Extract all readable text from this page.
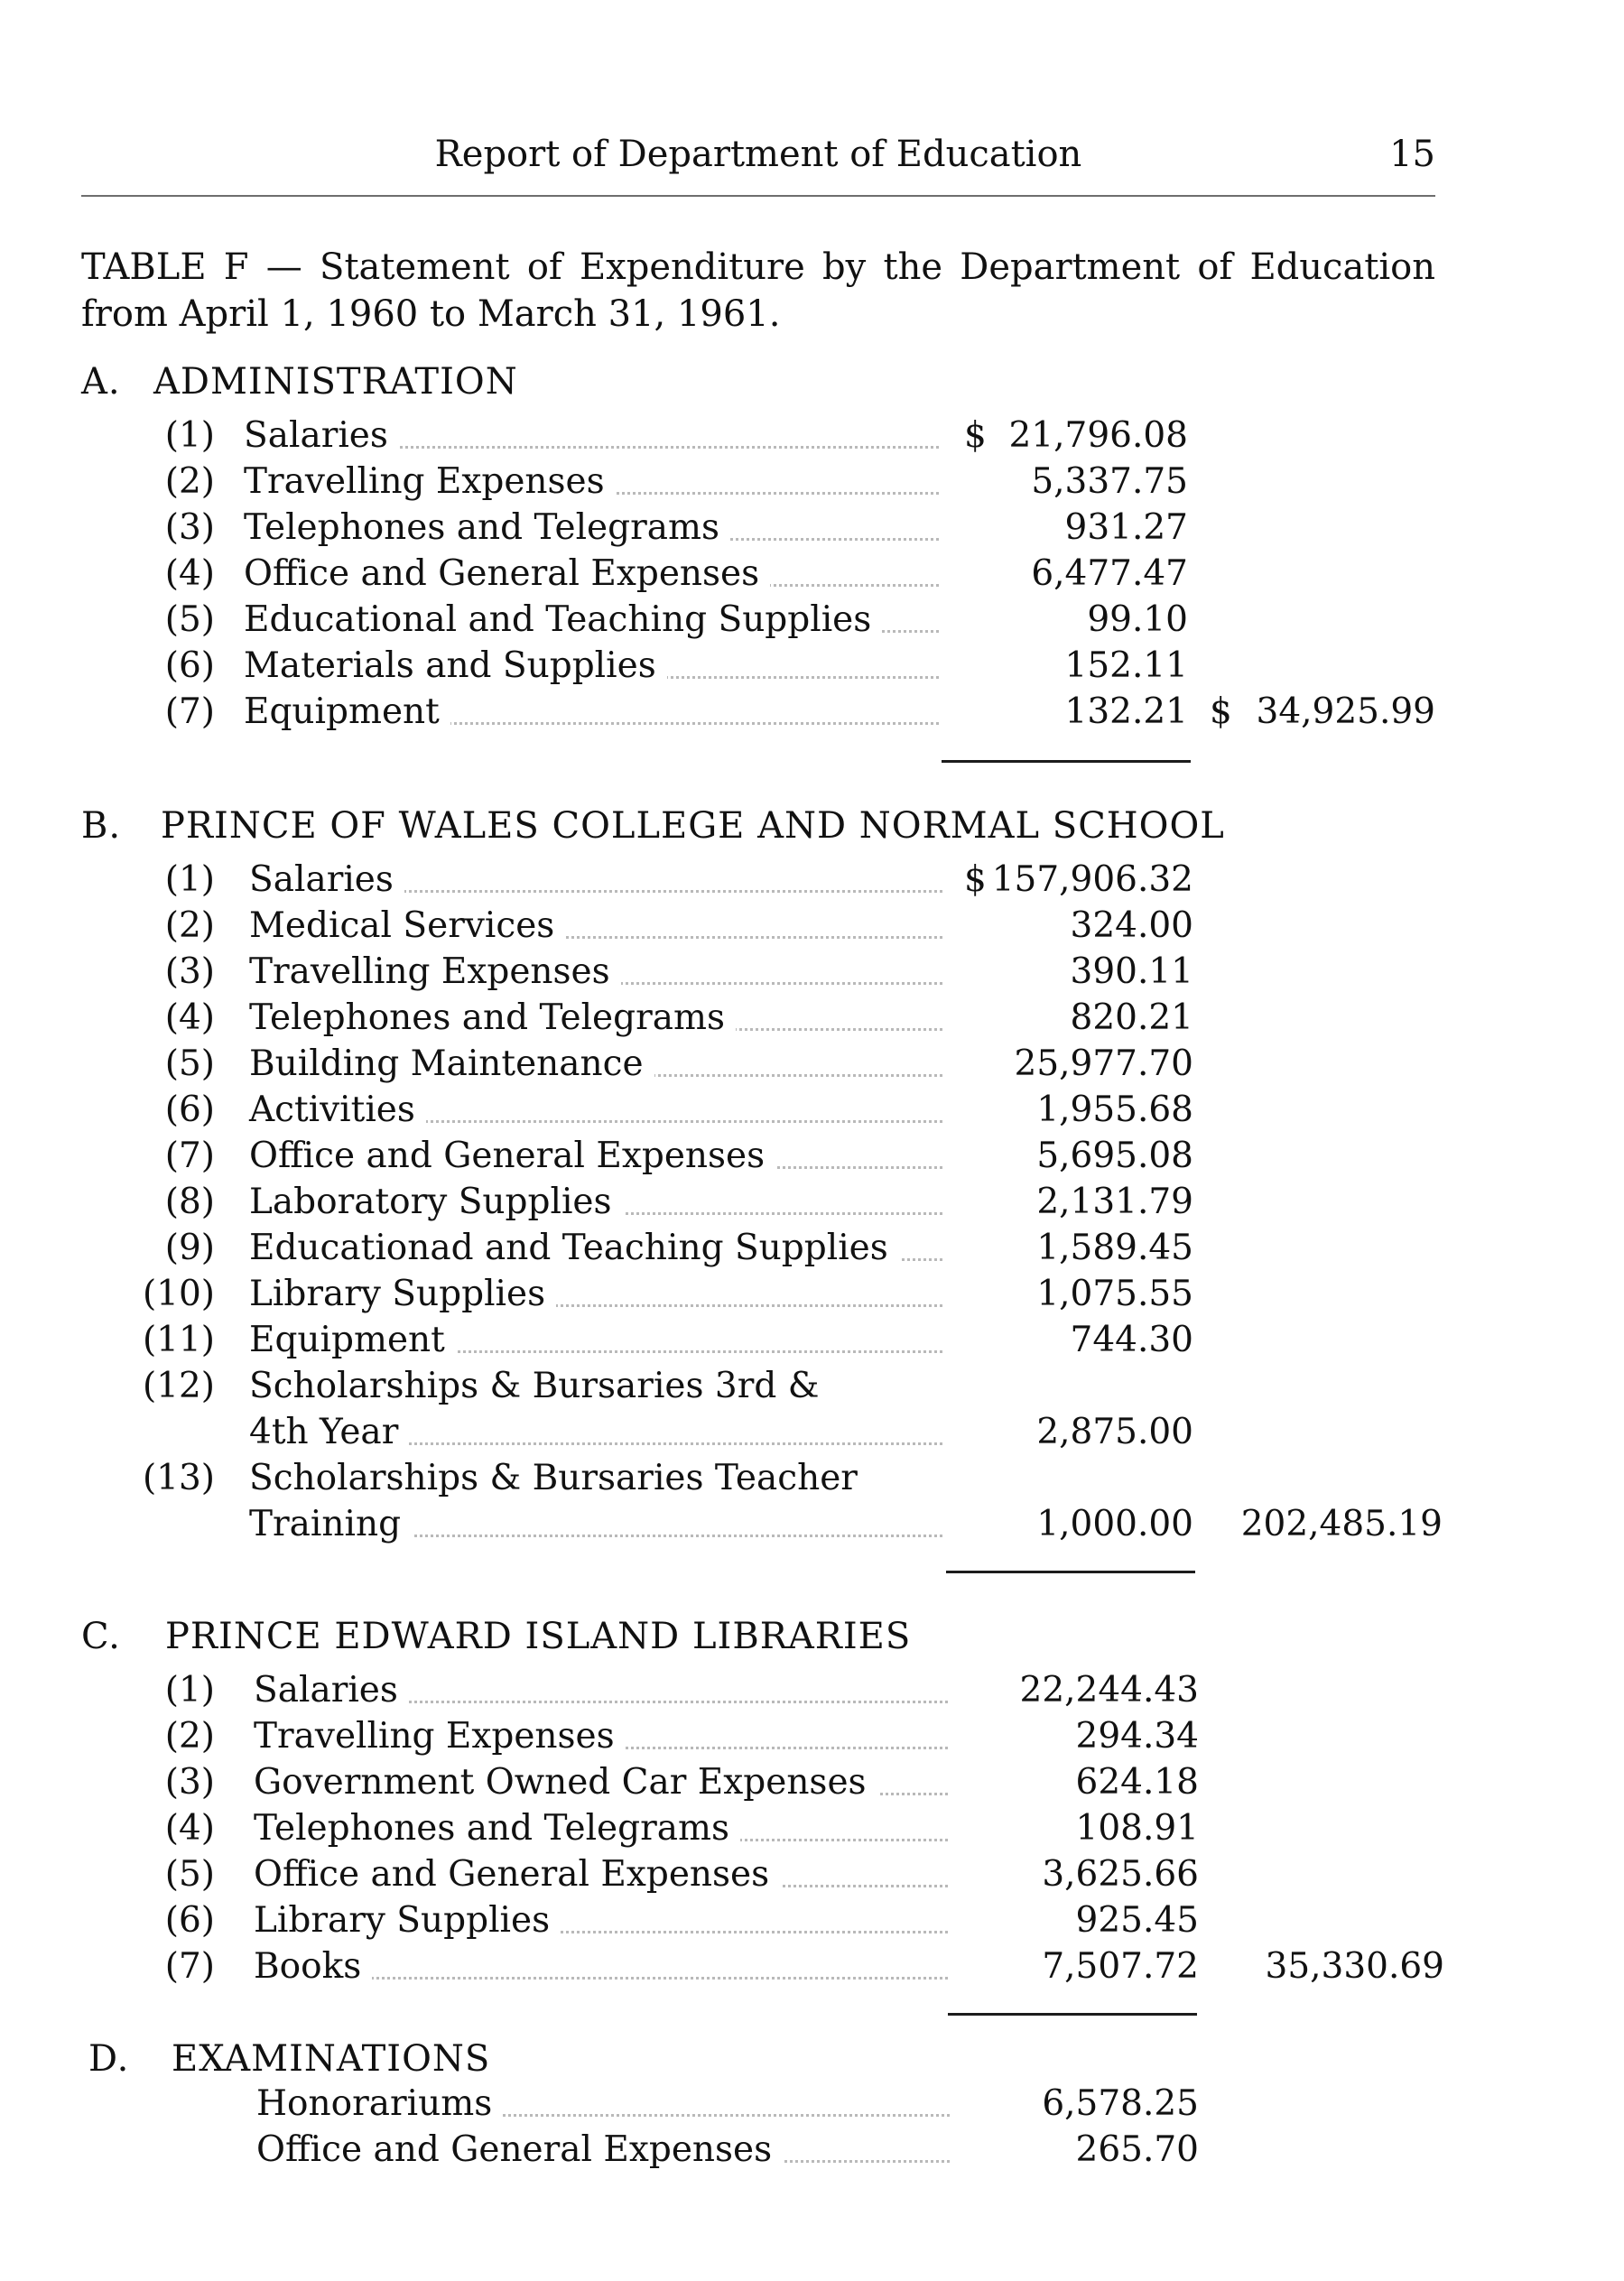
Report of Department of Education	15
TABLE F — Statement of Expenditure by the Department of Education from April 1, 1960 to March 31, 1961.
A. ADMINISTRATION
(1) Salaries	$ 21,796.08
(2) Travelling Expenses	5,337.75
(3) Telephones and Telegrams	931.27
(4) Office and General Expenses	6,477.47
(5) Educational and Teaching Supplies	99.10
(6) Materials and Supplies	152.11
(7) Equipment	132.21 $ 34,925.99
B. PRINCE OF WALES COLLEGE AND NORMAL SCHOOL
(1) Salaries	$ 157,906.32
(2) Medical Services	324.00
(3) Travelling Expenses	390.11
(4) Telephones and Telegrams	820.21
(5) Building Maintenance	25,977.70
(6) Activities	1,955.68
(7) Office and General Expenses	5,695.08
(8) Laboratory Supplies	2,131.79
(9) Educationad and Teaching Supplies	1,589.45
(10) Library Supplies	1,075.55
(11) Equipment	744.30
(12) Scholarships & Bursaries 3rd &
4th Year	2,875.00
(13) Scholarships & Bursaries Teacher
Training	1,000.00 202,485.19
C. PRINCE EDWARD ISLAND LIBRARIES
(1) Salaries	22,244.43
(2) Travelling Expenses	294.34
(3) Government Owned Car Expenses	624.18
(4) Telephones and Telegrams	108.91
(5) Office and General Expenses	3,625.66
(6) Library Supplies	925.45
(7) Books	7,507.72 35,330.69
D. EXAMINATIONS
Honorariums	6,578.25
Office and General Expenses	265.70
